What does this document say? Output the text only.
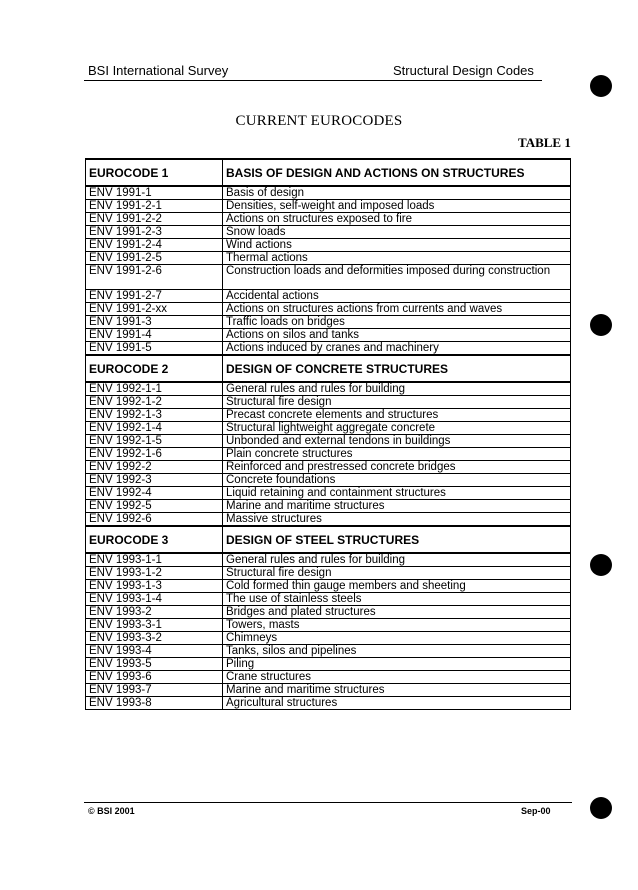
BSI International Survey	Structural Design Codes
CURRENT EUROCODES
TABLE 1
EUROCODE 1	BASIS OF DESIGN AND ACTIONS ON STRUCTURES
ENV 1991-1	Basis of design
ENV 1991-2-1	Densities, self-weight and imposed loads
ENV 1991-2-2	Actions on structures exposed to fire
ENV 1991-2-3	Snow loads
ENV 1991-2-4	Wind actions
ENV 1991-2-5	Thermal actions
ENV 1991-2-6	Construction loads and deformities imposed during construction
ENV 1991-2-7	Accidental actions
ENV 1991-2-xx	Actions on structures actions from currents and waves
ENV 1991-3	Traffic loads on bridges
ENV 1991-4	Actions on silos and tanks
ENV 1991-5	Actions induced by cranes and machinery
EUROCODE 2	DESIGN OF CONCRETE STRUCTURES
ENV 1992-1-1	General rules and rules for building
ENV 1992-1-2	Structural fire design
ENV 1992-1-3	Precast concrete elements and structures
ENV 1992-1-4	Structural lightweight aggregate concrete
ENV 1992-1-5	Unbonded and external tendons in buildings
ENV 1992-1-6	Plain concrete structures
ENV 1992-2	Reinforced and prestressed concrete bridges
ENV 1992-3	Concrete foundations
ENV 1992-4	Liquid retaining and containment structures
ENV 1992-5	Marine and maritime structures
ENV 1992-6	Massive structures
EUROCODE 3	DESIGN OF STEEL STRUCTURES
ENV 1993-1-1	General rules and rules for building
ENV 1993-1-2	Structural fire design
ENV 1993-1-3	Cold formed thin gauge members and sheeting
ENV 1993-1-4	The use of stainless steels
ENV 1993-2	Bridges and plated structures
ENV 1993-3-1	Towers, masts
ENV 1993-3-2	Chimneys
ENV 1993-4	Tanks, silos and pipelines
ENV 1993-5	Piling
ENV 1993-6	Crane structures
ENV 1993-7	Marine and maritime structures
ENV 1993-8	Agricultural structures
© BSI 2001	Sep-00
